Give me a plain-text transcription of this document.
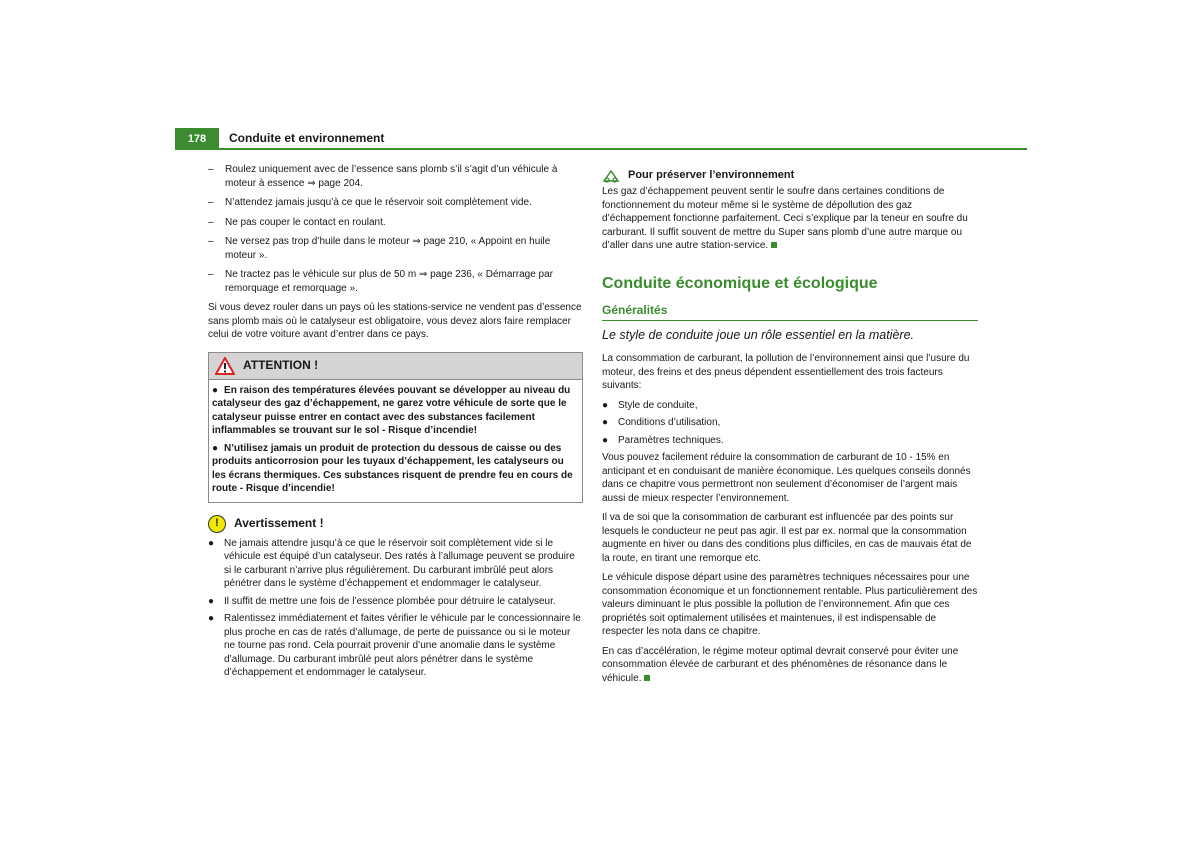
178	Conduite et environnement
– Roulez uniquement avec de l’essence sans plomb s’il s’agit d’un véhicule à moteur à essence ⇒ page 204.
– N’attendez jamais jusqu’à ce que le réservoir soit complètement vide.
– Ne pas couper le contact en roulant.
– Ne versez pas trop d’huile dans le moteur ⇒ page 210, « Appoint en huile moteur ».
– Ne tractez pas le véhicule sur plus de 50 m ⇒ page 236, « Démarrage par remorquage et remorquage ».

Si vous devez rouler dans un pays où les stations-service ne vendent pas d’essence sans plomb mais où le catalyseur est obligatoire, vous devez alors faire remplacer celui de votre voiture avant d’entrer dans ce pays.

ATTENTION !
● En raison des températures élevées pouvant se développer au niveau du catalyseur des gaz d’échappement, ne garez votre véhicule de sorte que le catalyseur puisse entrer en contact avec des substances facilement inflammables se trouvant sur le sol - Risque d’incendie!
● N’utilisez jamais un produit de protection du dessous de caisse ou des produits anticorrosion pour les tuyaux d’échappement, les catalyseurs ou les écrans thermiques. Ces substances risquent de prendre feu en cours de route - Risque d’incendie!
!	Avertissement !
● Ne jamais attendre jusqu’à ce que le réservoir soit complètement vide si le véhicule est équipé d’un catalyseur. Des ratés à l’allumage peuvent se produire si le carburant n’arrive plus régulièrement. Du carburant imbrûlé peut alors pénétrer dans le système d’échappement et endommager le catalyseur.
● Il suffit de mettre une fois de l’essence plombée pour détruire le catalyseur.
● Ralentissez immédiatement et faites vérifier le véhicule par le concessionnaire le plus proche en cas de ratés d’allumage, de perte de puissance ou si le moteur ne tourne pas rond. Cela pourrait provenir d’une anomalie dans le système d’allumage. Du carburant imbrûlé peut alors pénétrer dans le système d’échappement et endommager le catalyseur.
Pour préserver l’environnement

Les gaz d’échappement peuvent sentir le soufre dans certaines conditions de fonctionnement du moteur même si le système de dépollution des gaz d’échappement fonctionne parfaitement. Ceci s’explique par la teneur en soufre du carburant. Il suffit souvent de mettre du Super sans plomb d’une autre marque ou d’aller dans une autre station-service.

Conduite économique et écologique
Généralités
Le style de conduite joue un rôle essentiel en la matière.

La consommation de carburant, la pollution de l’environnement ainsi que l’usure du moteur, des freins et des pneus dépendent essentiellement des trois facteurs suivants:

● Style de conduite,
● Conditions d’utilisation,
● Paramètres techniques.

Vous pouvez facilement réduire la consommation de carburant de 10 - 15% en anticipant et en conduisant de manière économique. Les quelques conseils donnés dans ce chapitre vous permettront non seulement d’économiser de l’argent mais aussi de mieux respecter l’environnement.

Il va de soi que la consommation de carburant est influencée par des points sur lesquels le conducteur ne peut pas agir. Il est par ex. normal que la consommation augmente en hiver ou dans des conditions plus difficiles, en cas de mauvais état de la route, en tirant une remorque etc.

Le véhicule dispose départ usine des paramètres techniques nécessaires pour une consommation économique et un fonctionnement rentable. Plus particulièrement des valeurs diminuant le plus possible la pollution de l’environnement. Afin que ces propriétés soit optimalement utilisées et maintenues, il est indispensable de respecter les nota dans ce chapitre.

En cas d’accélération, le régime moteur optimal devrait conservé pour éviter une consommation élevée de carburant et des phénomènes de résonance dans le véhicule.
